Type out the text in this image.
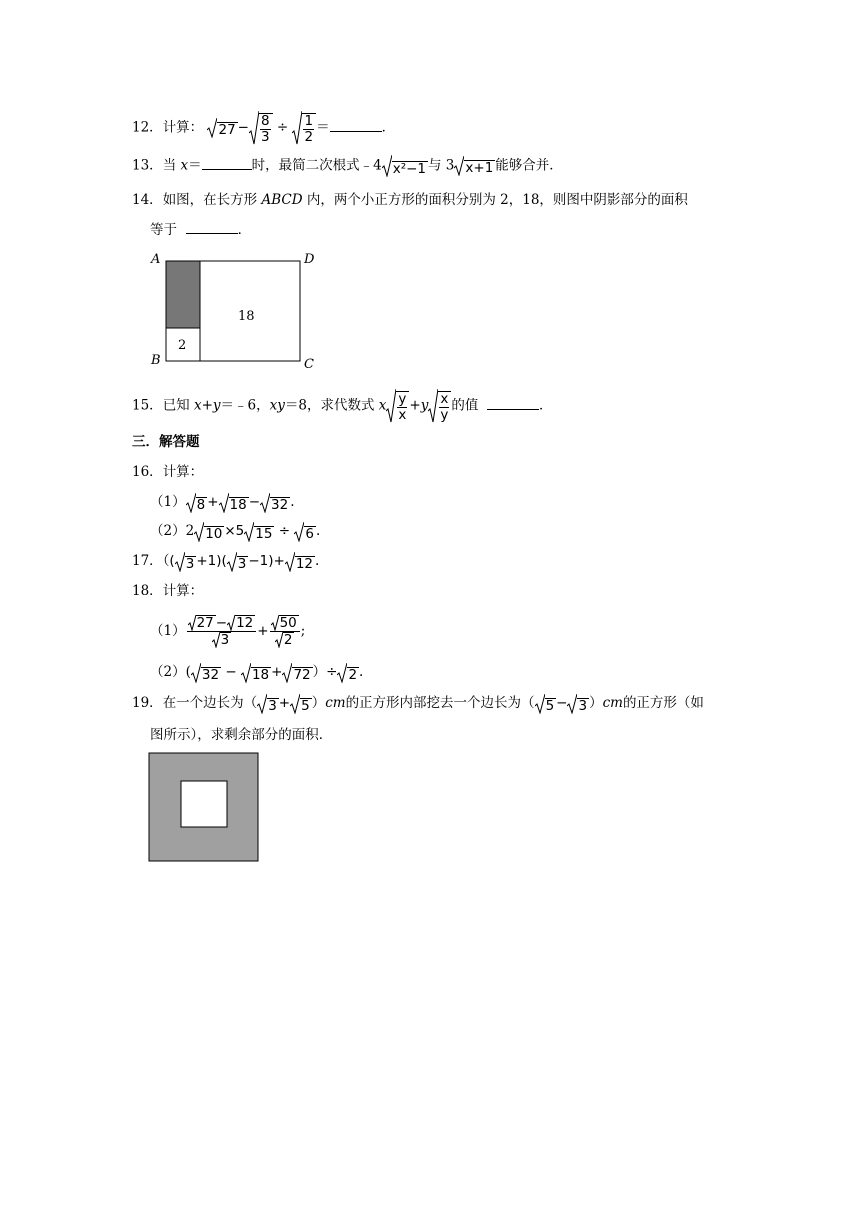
12．计算： $27 - \frac{8}{3} \div \frac{1}{2}$ ＝	．
13．当 x＝	时，最简二次根式﹣4 x²−1 与 3 x+1 能够合并．
14．如图，在长方形 ABCD 内，两个小正方形的面积分别为 2，18，则图中阴影部分的面积
等于	．
A	D
B	C
18
2
15．已知 x+y＝﹣6，xy＝8，求代数式 x $\frac{y}{x} +y \frac{x}{y}$ 的值	．
三．解答题
16．计算：
（1） 8 + 18 − 32 .
（2）2 10 ×5 15 ÷ 6 .
17．（( 3 +1)( 3 −1)+ 12 .
18．计算：
$(1) \frac{27 - 12}{3} + \frac{50}{2}$ ;
（2）( 32 − 18 + 72 ）÷ 2 .
19．在一个边长为（ 3 + 5 ）cm的正方形内部挖去一个边长为（ 5 − 3 ）cm的正方形（如
图所示），求剩余部分的面积．
